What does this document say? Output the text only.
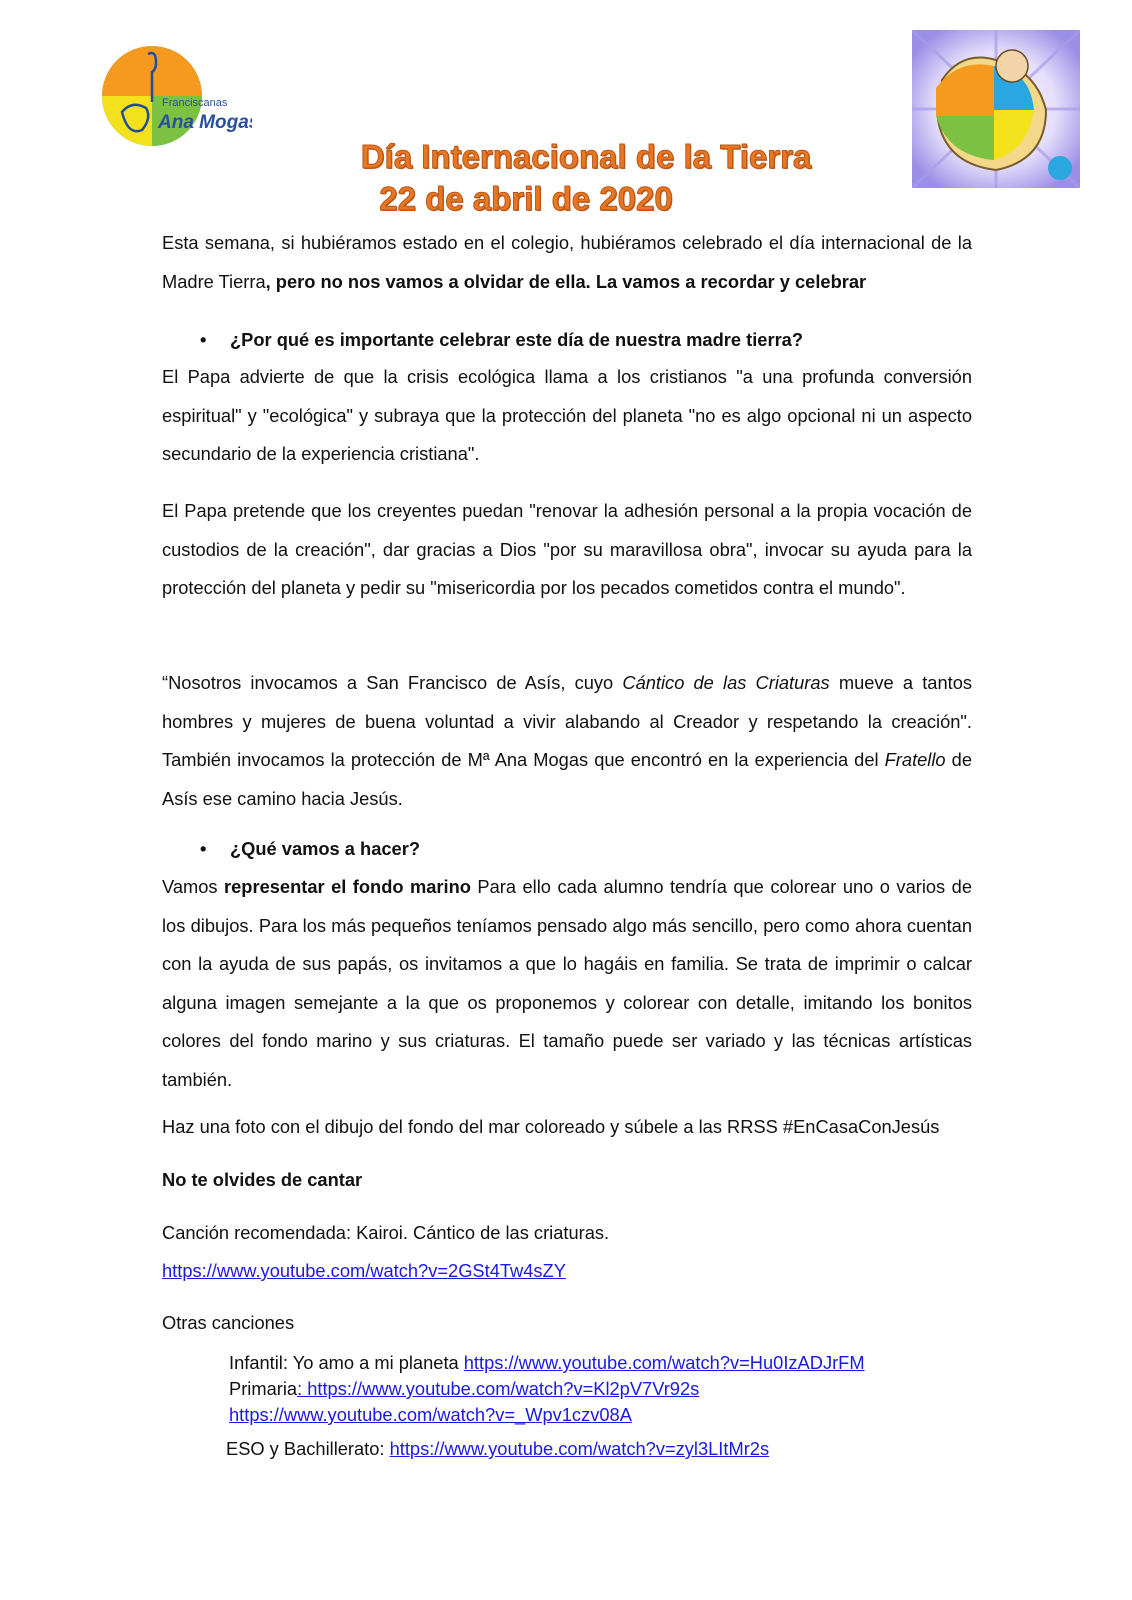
Franciscanas
Ana Mogas
Día Internacional de la Tierra
22 de abril de 2020

Esta semana, si hubiéramos estado en el colegio, hubiéramos celebrado el día internacional de la Madre Tierra, pero no nos vamos a olvidar de ella. La vamos a recordar y celebrar

• ¿Por qué es importante celebrar este día de nuestra madre tierra?
El Papa advierte de que la crisis ecológica llama a los cristianos "a una profunda conversión espiritual" y "ecológica" y subraya que la protección del planeta "no es algo opcional ni un aspecto secundario de la experiencia cristiana".
El Papa pretende que los creyentes puedan "renovar la adhesión personal a la propia vocación de custodios de la creación", dar gracias a Dios "por su maravillosa obra", invocar su ayuda para la protección del planeta y pedir su "misericordia por los pecados cometidos contra el mundo".

“Nosotros invocamos a San Francisco de Asís, cuyo Cántico de las Criaturas mueve a tantos hombres y mujeres de buena voluntad a vivir alabando al Creador y respetando la creación". También invocamos la protección de Mª Ana Mogas que encontró en la experiencia del Fratello de Asís ese camino hacia Jesús.

• ¿Qué vamos a hacer?

Vamos representar el fondo marino Para ello cada alumno tendría que colorear uno o varios de los dibujos. Para los más pequeños teníamos pensado algo más sencillo, pero como ahora cuentan con la ayuda de sus papás, os invitamos a que lo hagáis en familia. Se trata de imprimir o calcar alguna imagen semejante a la que os proponemos y colorear con detalle, imitando los bonitos colores del fondo marino y sus criaturas. El tamaño puede ser variado y las técnicas artísticas también.

Haz una foto con el dibujo del fondo del mar coloreado y súbele a las RRSS #EnCasaConJesús
No te olvides de cantar
Canción recomendada: Kairoi. Cántico de las criaturas.
https://www.youtube.com/watch?v=2GSt4Tw4sZY
Otras canciones
Infantil: Yo amo a mi planeta https://www.youtube.com/watch?v=Hu0IzADJrFM
Primaria: https://www.youtube.com/watch?v=Kl2pV7Vr92s
https://www.youtube.com/watch?v=_Wpv1czv08A
ESO y Bachillerato: https://www.youtube.com/watch?v=zyl3LItMr2s
